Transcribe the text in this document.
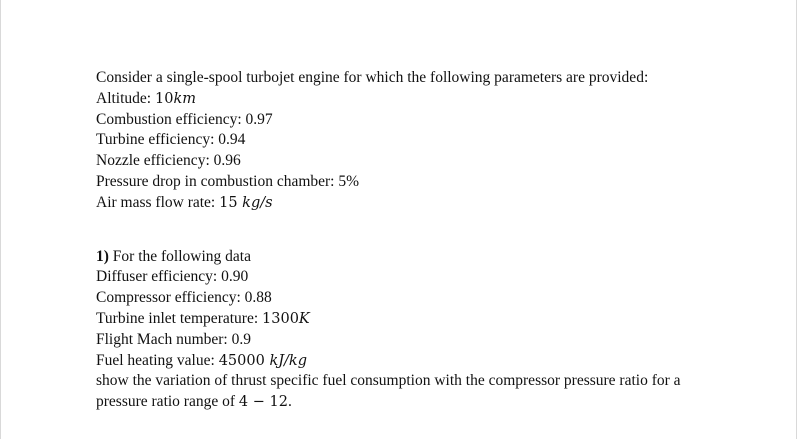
Consider a single-spool turbojet engine for which the following parameters are provided:
Altitude: 10km
Combustion efficiency: 0.97
Turbine efficiency: 0.94
Nozzle efficiency: 0.96
Pressure drop in combustion chamber: 5%
Air mass flow rate: 15 kg/s
1) For the following data
Diffuser efficiency: 0.90
Compressor efficiency: 0.88
Turbine inlet temperature: 1300K
Flight Mach number: 0.9
Fuel heating value: 45000 kJ/kg
show the variation of thrust specific fuel consumption with the compressor pressure ratio for a
pressure ratio range of 4 − 12.
